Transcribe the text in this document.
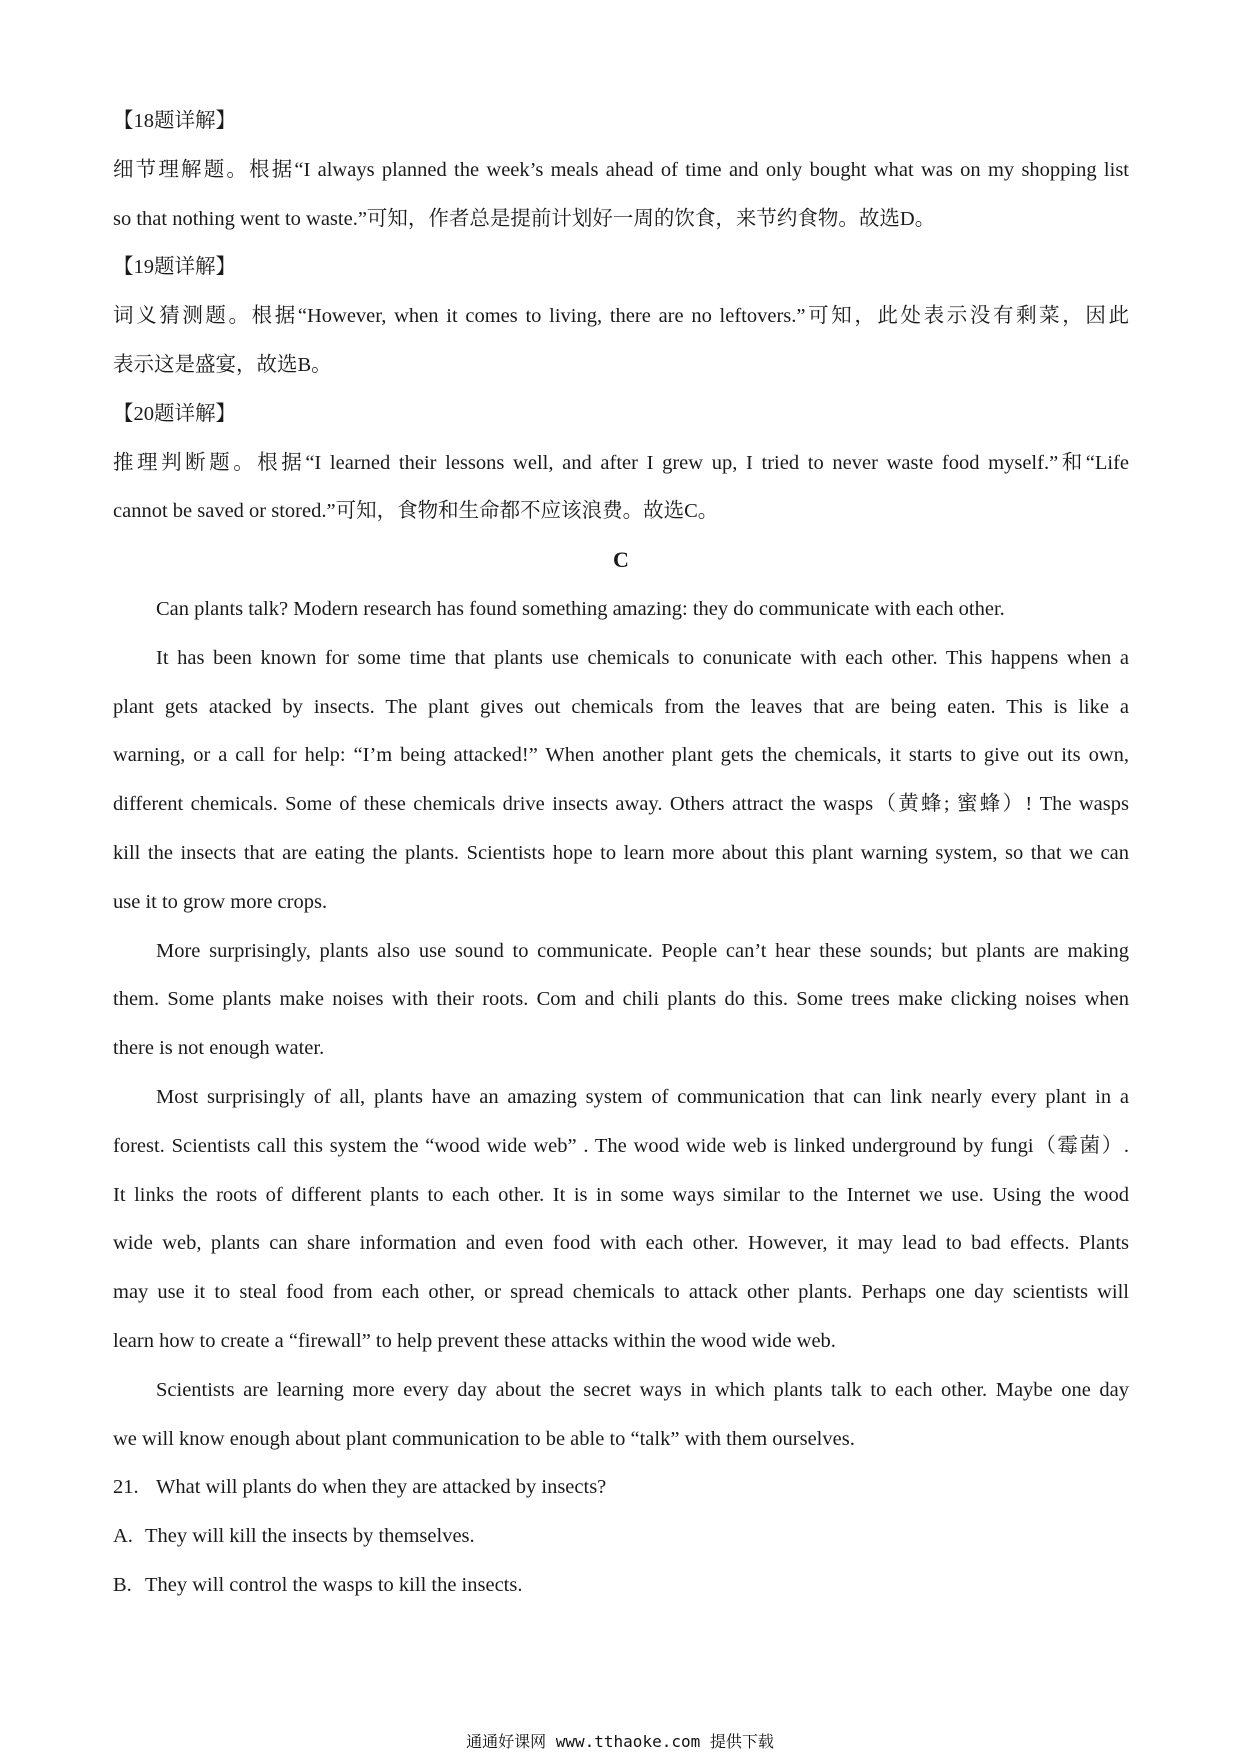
【18题详解】
细节理解题。根据“I always planned the week’s meals ahead of time and only bought what was on my shopping list
so that nothing went to waste.”可知，作者总是提前计划好一周的饮食，来节约食物。故选D。
【19题详解】
词义猜测题。根据“However, when it comes to living, there are no leftovers.”可知，此处表示没有剩菜，因此
表示这是盛宴，故选B。
【20题详解】
推理判断题。根据“I learned their lessons well, and after I grew up, I tried to never waste food myself.”和“Life
cannot be saved or stored.”可知，食物和生命都不应该浪费。故选C。
C
Can plants talk? Modern research has found something amazing: they do communicate with each other.
It has been known for some time that plants use chemicals to conunicate with each other. This happens when a
plant gets atacked by insects. The plant gives out chemicals from the leaves that are being eaten. This is like a
warning, or a call for help: “I’m being attacked!” When another plant gets the chemicals, it starts to give out its own,
different chemicals. Some of these chemicals drive insects away. Others attract the wasps（黄蜂; 蜜蜂）! The wasps
kill the insects that are eating the plants. Scientists hope to learn more about this plant warning system, so that we can
use it to grow more crops.
More surprisingly, plants also use sound to communicate. People can’t hear these sounds; but plants are making
them. Some plants make noises with their roots. Com and chili plants do this. Some trees make clicking noises when
there is not enough water.
Most surprisingly of all, plants have an amazing system of communication that can link nearly every plant in a
forest. Scientists call this system the “wood wide web” . The wood wide web is linked underground by fungi（霉菌）.
It links the roots of different plants to each other. It is in some ways similar to the Internet we use. Using the wood
wide web, plants can share information and even food with each other. However, it may lead to bad effects. Plants
may use it to steal food from each other, or spread chemicals to attack other plants. Perhaps one day scientists will
learn how to create a “firewall” to help prevent these attacks within the wood wide web.
Scientists are learning more every day about the secret ways in which plants talk to each other. Maybe one day
we will know enough about plant communication to be able to “talk” with them ourselves.
21. What will plants do when they are attacked by insects?
A. They will kill the insects by themselves.
B. They will control the wasps to kill the insects.
通通好课网 www.tthaoke.com 提供下载
